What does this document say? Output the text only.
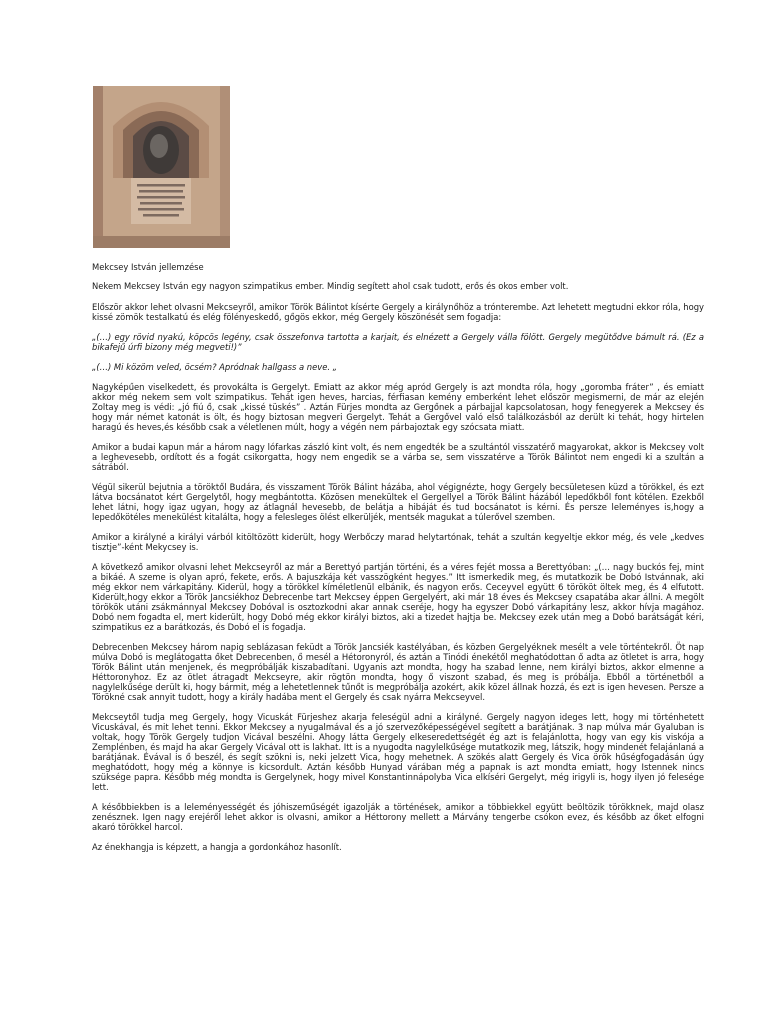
Mekcsey István jellemzése

Nekem Mekcsey István egy nagyon szimpatikus ember. Mindig segített ahol csak tudott, erős és okos ember volt.

Először akkor lehet olvasni Mekcseyről, amikor Török Bálintot kísérte Gergely a királynőhöz a trónterembe. Azt lehetett megtudni ekkor róla, hogy kissé zömök testalkatú és elég fölényeskedő, gőgös ekkor, még Gergely köszönését sem fogadja:

„(…) egy rövid nyakú, köpcös legény, csak összefonva tartotta a karjait, és elnézett a Gergely válla fölött. Gergely megütődve bámult rá. (Ez a bikafejű úrfi bizony még megveti!)”

„(…) Mi közöm veled, öcsém? Apródnak hallgass a neve. „

Nagyképűen viselkedett, és provokálta is Gergelyt. Emiatt az akkor még apród Gergely is azt mondta róla, hogy „goromba fráter” , és emiatt akkor még nekem sem volt szimpatikus. Tehát igen heves, harcias, férfiasan kemény emberként lehet először megismerni, de már az elején Zoltay meg is védi: „jó fiú ő, csak „kissé tüskés” . Aztán Fürjes mondta az Gergőnek a párbajjal kapcsolatosan, hogy fenegyerek a Mekcsey és hogy már német katonát is ölt, és hogy biztosan megveri Gergelyt. Tehát a Gergővel való első találkozásból az derült ki tehát, hogy hirtelen haragú és heves,és később csak a véletlenen múlt, hogy a végén nem párbajoztak egy szócsata miatt.

Amikor a budai kapun már a három nagy lófarkas zászló kint volt, és nem engedték be a szultántól visszatérő magyarokat, akkor is Mekcsey volt a leghevesebb, ordított és a fogát csikorgatta, hogy nem engedik se a várba se, sem visszatérve a Török Bálintot nem engedi ki a szultán a sátrából.

Végül sikerül bejutnia a töröktől Budára, és visszament Török Bálint házába, ahol végignézte, hogy Gergely becsületesen küzd a törökkel, és ezt látva bocsánatot kért Gergelytől, hogy megbántotta. Közösen menekültek el Gergellyel a Török Bálint házából lepedőkből font kötélen. Ezekből lehet látni, hogy igaz ugyan, hogy az átlagnál hevesebb, de belátja a hibáját és tud bocsánatot is kérni. És persze leleményes is,hogy a lepedőkötéles menekülést kitalálta, hogy a felesleges ölést elkerüljék, mentsék magukat a túlerővel szemben.

Amikor a királyné a királyi várból kitöltözött kiderült, hogy Werbőczy marad helytartónak, tehát a szultán kegyeltje ekkor még, és vele „kedves tisztje”-ként Mekycsey is.

A következő amikor olvasni lehet Mekcseyről az már a Berettyó partján történi, és a véres fejét mossa a Berettyóban: „(… nagy buckós fej, mint a bikáé. A szeme is olyan apró, fekete, erős. A bajuszkája két vasszögként hegyes.” Itt ismerkedik meg, és mutatkozik be Dobó Istvánnak, aki még ekkor nem várkapitány. Kiderül, hogy a törökkel kíméletlenül elbánik, és nagyon erős. Ceceyvel együtt 6 törököt öltek meg, és 4 elfutott. Kiderült,hogy ekkor a Török Jancsiékhoz Debrecenbe tart Mekcsey éppen Gergelyért, aki már 18 éves és Mekcsey csapatába akar állni. A megölt törökök utáni zsákmánnyal Mekcsey Dobóval is osztozkodni akar annak cseréje, hogy ha egyszer Dobó várkapitány lesz, akkor hívja magához. Dobó nem fogadta el, mert kiderült, hogy Dobó még ekkor királyi biztos, aki a tizedet hajtja be. Mekcsey ezek után meg a Dobó barátságát kéri, szimpatikus ez a barátkozás, és Dobó el is fogadja.

Debrecenben Mekcsey három napig seblázasan feküdt a Török Jancsiék kastélyában, és közben Gergelyéknek mesélt a vele történtekről. Öt nap múlva Dobó is meglátogatta őket Debrecenben, ő mesél a Hétoronyról, és aztán a Tinódi énekétől meghatódottan ő adta az ötletet is arra, hogy Török Bálint után menjenek, és megpróbálják kiszabadítani. Ugyanis azt mondta, hogy ha szabad lenne, nem királyi biztos, akkor elmenne a Héttoronyhoz. Ez az ötlet átragadt Mekcseyre, akir rögtön mondta, hogy ő viszont szabad, és meg is próbálja. Ebből a történetből a nagylelkűsége derült ki, hogy bármit, még a lehetetlennek tűnőt is megpróbálja azokért, akik közel állnak hozzá, és ezt is igen hevesen. Persze a Törökné csak annyit tudott, hogy a király hadába ment el Gergely és csak nyárra Mekcseyvel.

Mekcseytől tudja meg Gergely, hogy Vicuskát Fürjeshez akarja feleségül adni a királyné. Gergely nagyon ideges lett, hogy mi történhetett Vicuskával, és mit lehet tenni. Ekkor Mekcsey a nyugalmával és a jó szervezőképességével segített a barátjának. 3 nap múlva már Gyaluban is voltak, hogy Török Gergely tudjon Vicával beszélni. Ahogy látta Gergely elkeseredettségét ég azt is felajánlotta, hogy van egy kis viskója a Zemplénben, és majd ha akar Gergely Vicával ott is lakhat. Itt is a nyugodta nagylelkűsége mutatkozik meg, látszik, hogy mindenét felajánlaná a barátjának. Évával is ő beszél, és segít szökni is, neki jelzett Vica, hogy mehetnek. A szökés alatt Gergely és Vica örök hűségfogadásán úgy meghatódott, hogy még a könnye is kicsordult. Aztán később Hunyad várában még a papnak is azt mondta emiatt, hogy Istennek nincs szüksége papra. Később még mondta is Gergelynek, hogy mivel Konstantinnápolyba Vica elkíséri Gergelyt, még irigyli is, hogy ilyen jó felesége lett.

A későbbiekben is a leleményességét és jóhiszeműségét igazolják a történések, amikor a többiekkel együtt beöltözik törökknek, majd olasz zenésznek. Igen nagy erejéről lehet akkor is olvasni, amikor a Héttorony mellett a Márvány tengerbe csókon evez, és később az őket elfogni akaró törökkel harcol.

Az énekhangja is képzett, a hangja a gordonkához hasonlít.
